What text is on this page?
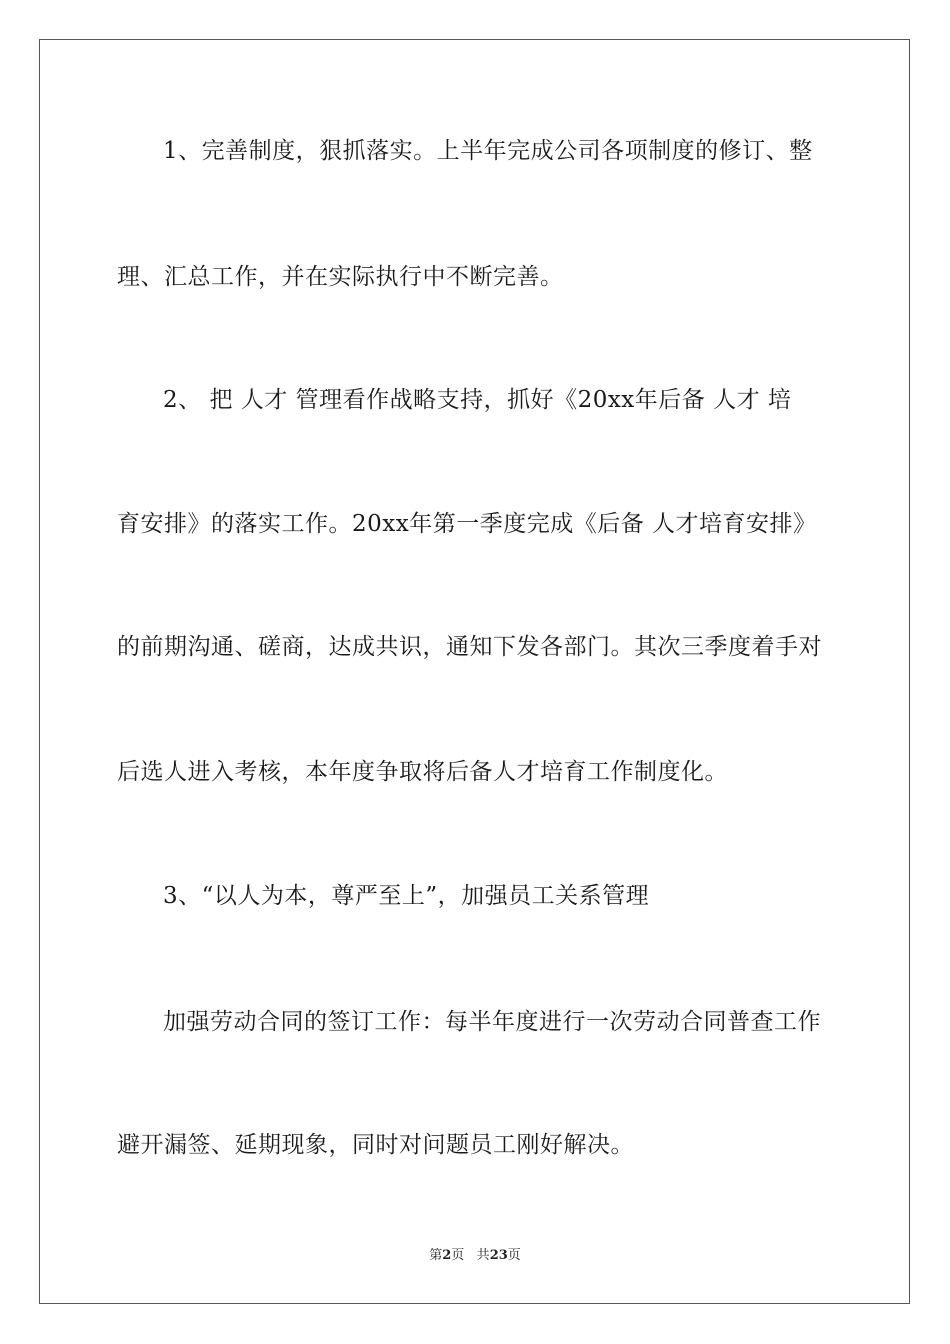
1、完善制度，狠抓落实。上半年完成公司各项制度的修订、整
理、汇总工作，并在实际执行中不断完善。
2、 把 人才 管理看作战略支持，抓好《20xx年后备 人才 培
育安排》的落实工作。20xx年第一季度完成《后备 人才培育安排》
的前期沟通、磋商，达成共识，通知下发各部门。其次三季度着手对
后选人进入考核，本年度争取将后备人才培育工作制度化。
3、“以人为本，尊严至上”，加强员工关系管理
加强劳动合同的签订工作：每半年度进行一次劳动合同普查工作
避开漏签、延期现象，同时对问题员工刚好解决。
第2页 共23页
